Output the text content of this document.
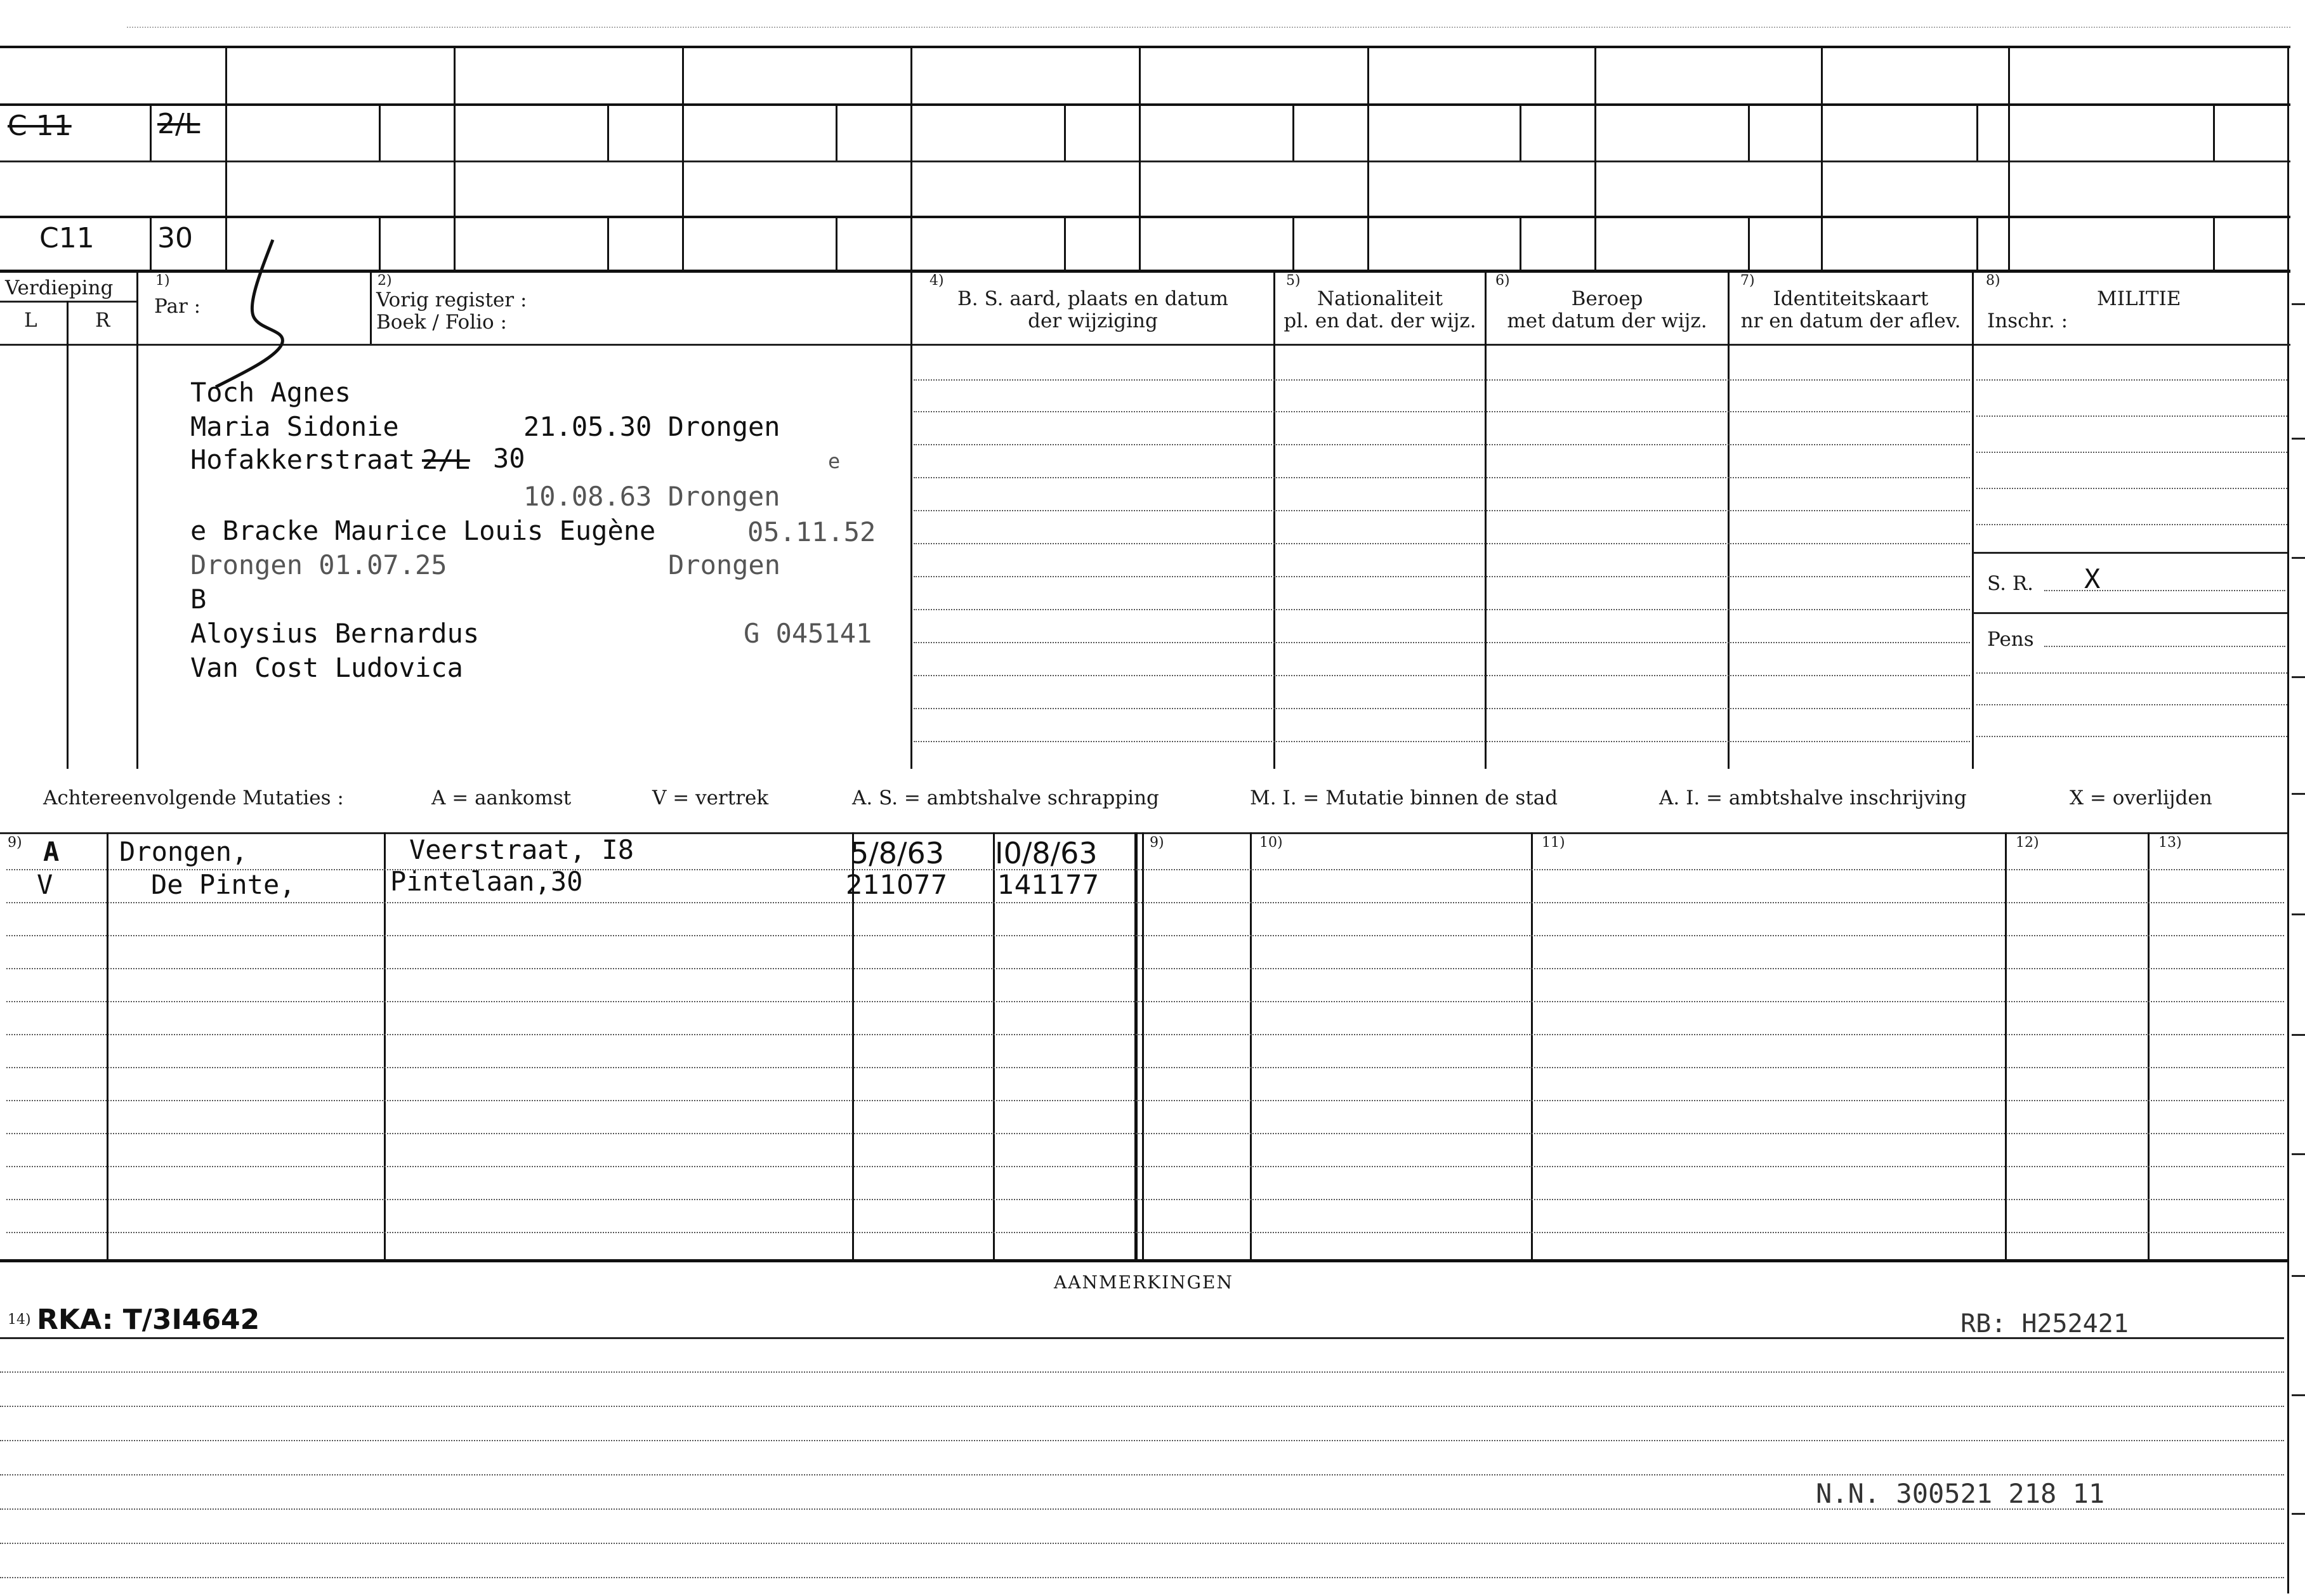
C 11	2/L
C11 30
Verdieping
L	R
1)
Par :
2)
Vorig register :
Boek / Folio :
4)
B. S. aard, plaats en datum
der wijziging
5)
Nationaliteit
pl. en dat. der wijz.
6)
Beroep
met datum der wijz.
7)
Identiteitskaart
nr en datum der aflev.
8)
MILITIE
Inschr. :
S. R. X
Pens
Toch Agnes
Maria Sidonie	21.05.30 Drongen
Hofakkerstraat 2/L 30	e
10.08.63 Drongen
e Bracke Maurice Louis Eugène	05.11.52
Drongen 01.07.25	Drongen
B
Aloysius Bernardus	G 045141
Van Cost Ludovica
Achtereenvolgende Mutaties :	A = aankomst	V = vertrek	A. S. = ambtshalve schrapping	M. I. = Mutatie binnen de stad	A. I. = ambtshalve inschrijving	X = overlijden
9)	9)	10)	11)	12)	13)
A Drongen,	Veerstraat, I8	5/8/63 I0/8/63
V	De Pinte,	Pintelaan,30	211077 141177
AANMERKINGEN
14) RKA: T/3I4642	RB: H252421
N.N. 300521 218 11
